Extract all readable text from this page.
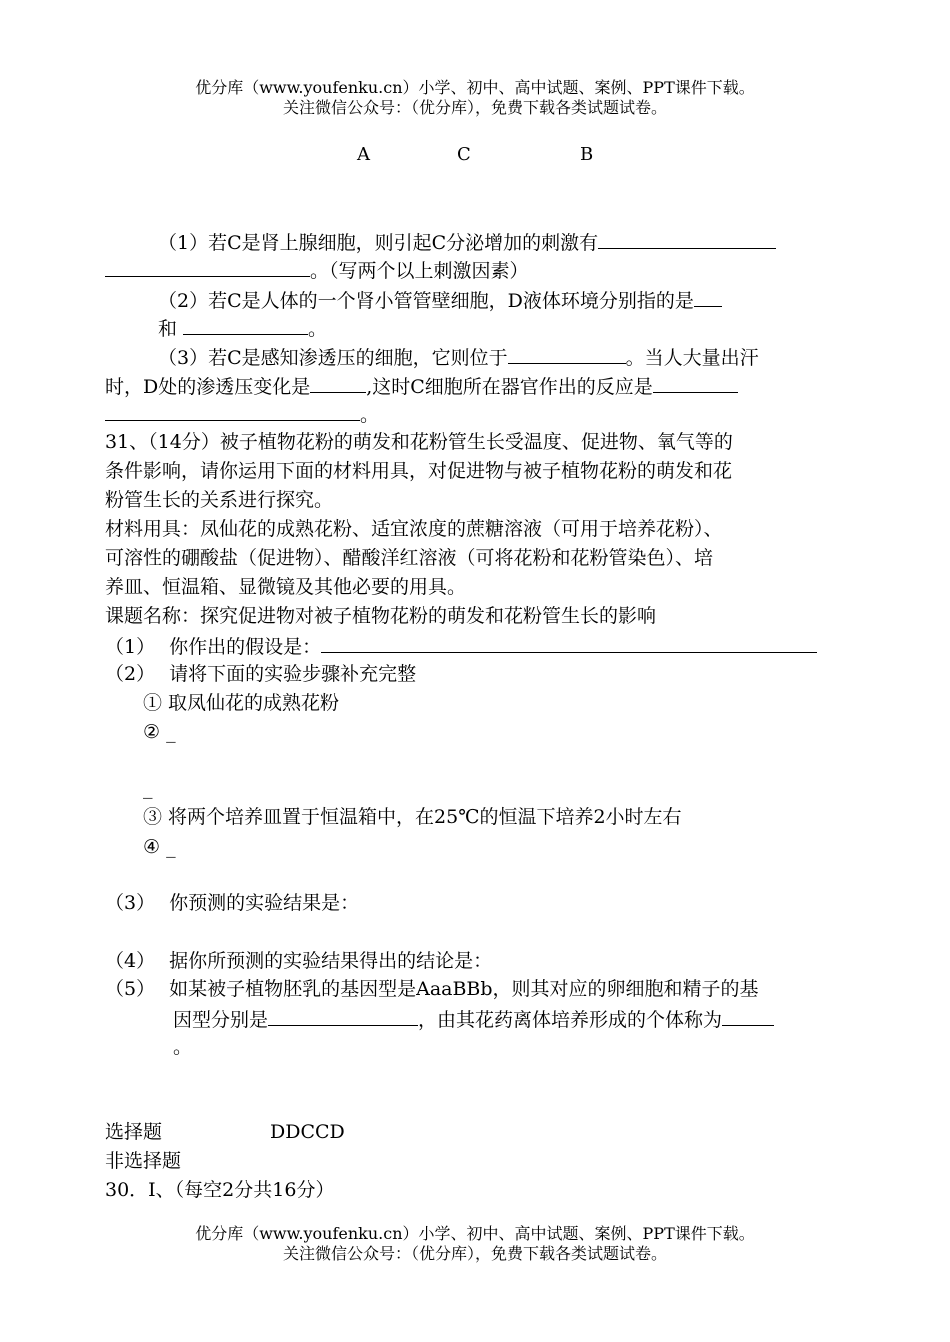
优分库（www.youfenku.cn）小学、初中、高中试题、案例、PPT课件下载。
关注微信公众号：（优分库），免费下载各类试题试卷。
A	C	B
（1）若C是肾上腺细胞，则引起C分泌增加的刺激有
。（写两个以上刺激因素）
（2）若C是人体的一个肾小管管壁细胞，D液体环境分别指的是
和	。
（3）若C是感知渗透压的细胞，它则位于	。当人大量出汗
时，D处的渗透压变化是	,这时C细胞所在器官作出的反应是
。
31、（14分）被子植物花粉的萌发和花粉管生长受温度、促进物、氧气等的
条件影响，请你运用下面的材料用具，对促进物与被子植物花粉的萌发和花
粉管生长的关系进行探究。
材料用具：凤仙花的成熟花粉、适宜浓度的蔗糖溶液（可用于培养花粉）、
可溶性的硼酸盐（促进物）、醋酸洋红溶液（可将花粉和花粉管染色）、培
养皿、恒温箱、显微镜及其他必要的用具。
课题名称：探究促进物对被子植物花粉的萌发和花粉管生长的影响
（1） 你作出的假设是：
（2） 请将下面的实验步骤补充完整
① 取凤仙花的成熟花粉
② _
_
③ 将两个培养皿置于恒温箱中，在25℃的恒温下培养2小时左右
④ _
（3） 你预测的实验结果是：
（4） 据你所预测的实验结果得出的结论是：
（5） 如某被子植物胚乳的基因型是AaaBBb，则其对应的卵细胞和精子的基
因型分别是	，由其花药离体培养形成的个体称为
。
选择题	DDCCD
非选择题
30．Ⅰ、（每空2分共16分）
优分库（www.youfenku.cn）小学、初中、高中试题、案例、PPT课件下载。
关注微信公众号：（优分库），免费下载各类试题试卷。
